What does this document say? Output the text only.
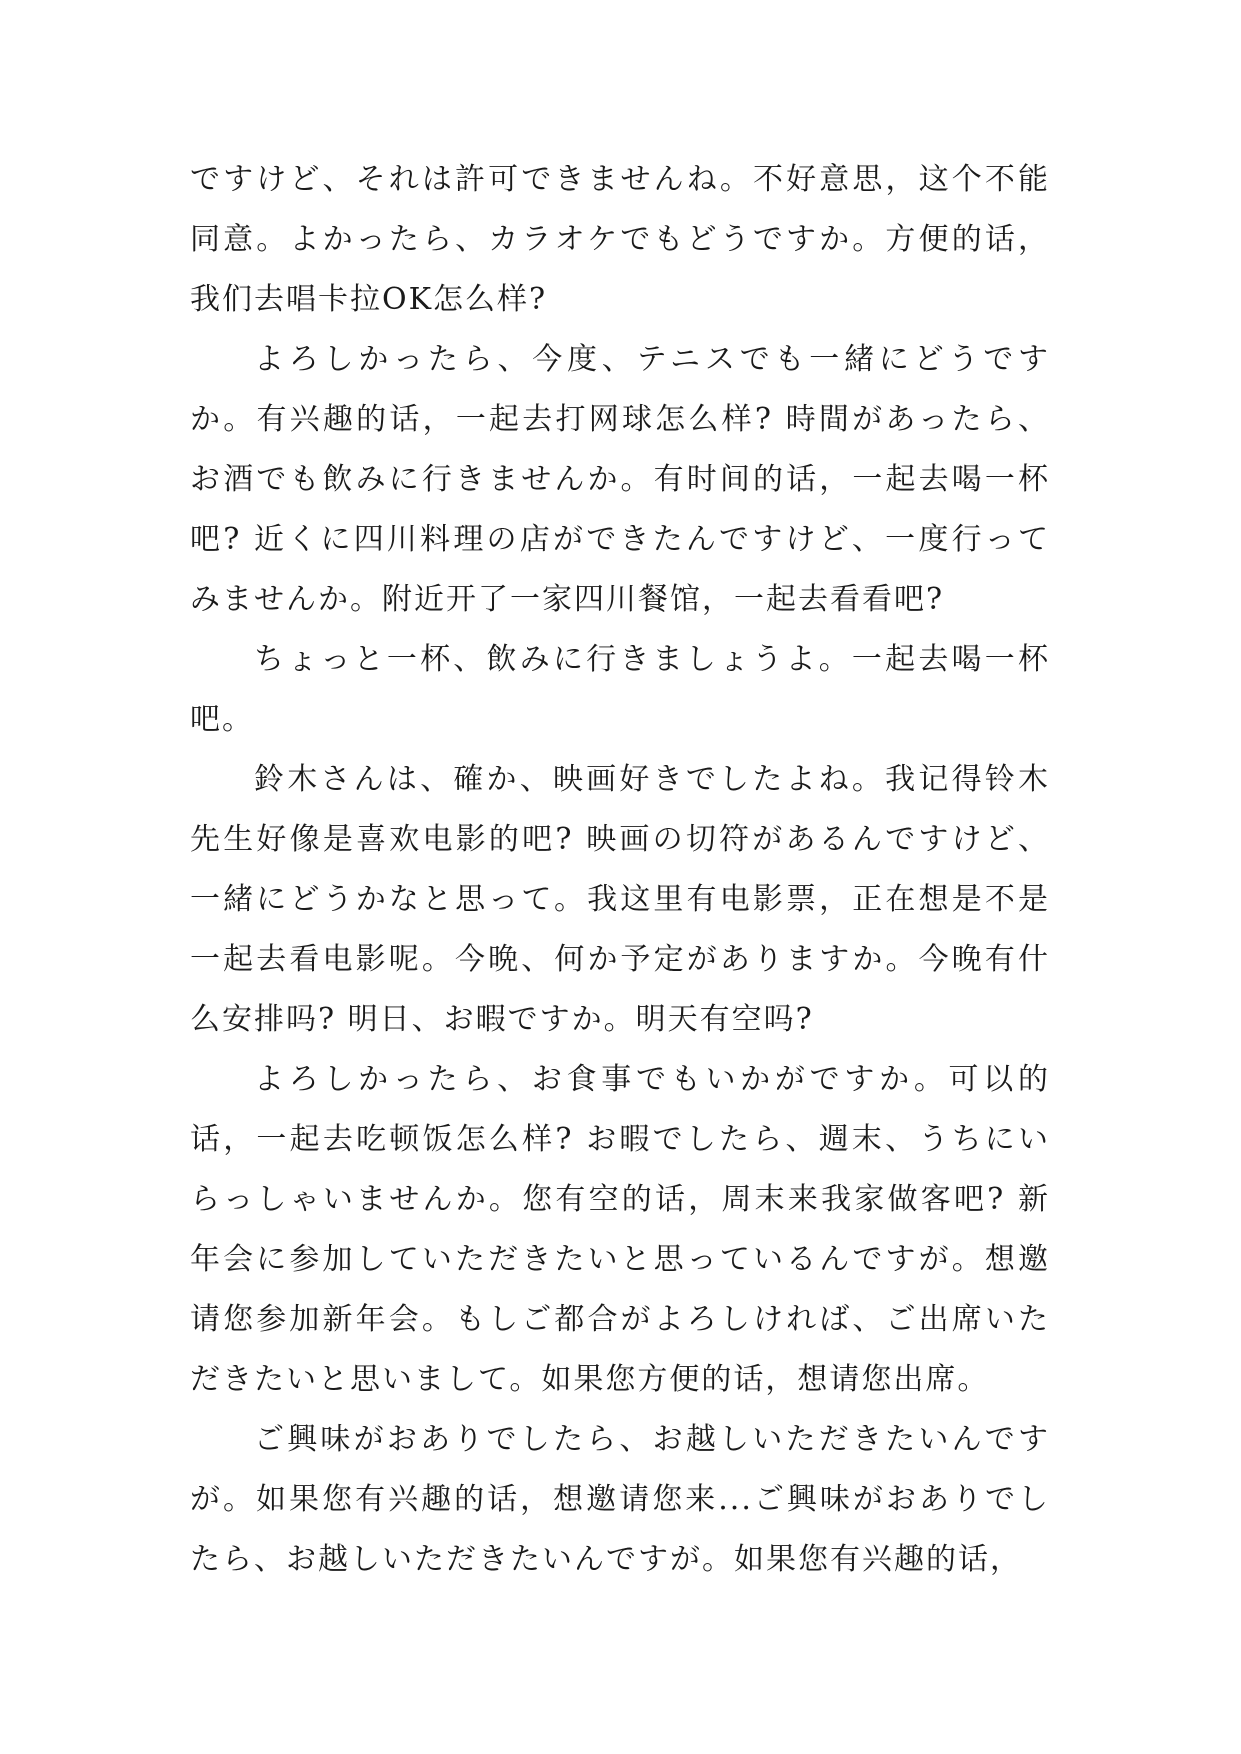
ですけど、それは許可できませんね。不好意思，这个不能同意。よかったら、カラオケでもどうですか。方便的话，我们去唱卡拉OK怎么样?

よろしかったら、今度、テニスでも一緒にどうですか。有兴趣的话，一起去打网球怎么样? 時間があったら、お酒でも飲みに行きませんか。有时间的话，一起去喝一杯吧? 近くに四川料理の店ができたんですけど、一度行ってみませんか。附近开了一家四川餐馆，一起去看看吧?

ちょっと一杯、飲みに行きましょうよ。一起去喝一杯吧。

鈴木さんは、確か、映画好きでしたよね。我记得铃木先生好像是喜欢电影的吧? 映画の切符があるんですけど、一緒にどうかなと思って。我这里有电影票，正在想是不是一起去看电影呢。今晩、何か予定がありますか。今晚有什么安排吗? 明日、お暇ですか。明天有空吗?

よろしかったら、お食事でもいかがですか。可以的话，一起去吃顿饭怎么样? お暇でしたら、週末、うちにいらっしゃいませんか。您有空的话，周末来我家做客吧? 新年会に参加していただきたいと思っているんですが。想邀请您参加新年会。もしご都合がよろしければ、ご出席いただきたいと思いまして。如果您方便的话，想请您出席。

ご興味がおありでしたら、お越しいただきたいんですが。如果您有兴趣的话，想邀请您来...ご興味がおありでしたら、お越しいただきたいんですが。如果您有兴趣的话，
